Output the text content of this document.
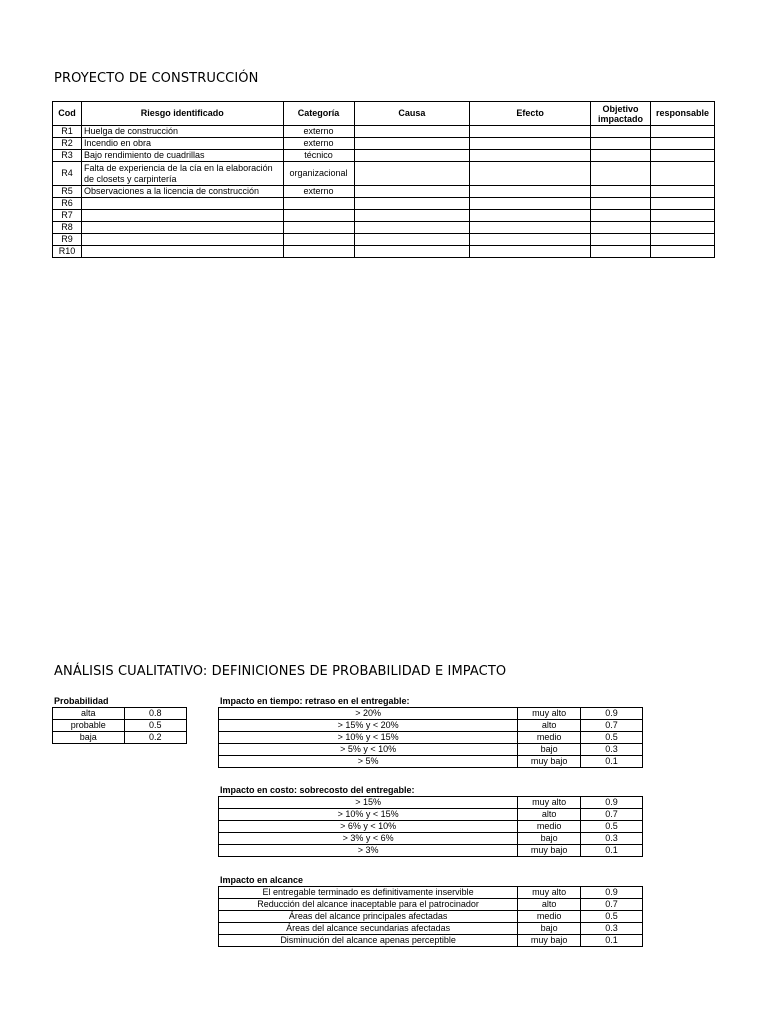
PROYECTO DE CONSTRUCCIÓN
Cod	Riesgo identificado	Categoría	Causa	Efecto	Objetivo impactado	responsable
R1	Huelga de construcción	externo				
R2	Incendio en obra	externo				
R3	Bajo rendimiento de cuadrillas	técnico				
R4	Falta de experiencia de la cía en la elaboración de closets y carpintería	organizacional				
R5	Observaciones a la licencia de construcción	externo				
R6						
R7						
R8						
R9						
R10						
ANÁLISIS CUALITATIVO: DEFINICIONES DE PROBABILIDAD E IMPACTO
Probabilidad
alta	0.8
probable	0.5
baja	0.2
Impacto en tiempo: retraso en el entregable:
> 20%	muy alto	0.9
> 15% y < 20%	alto	0.7
> 10% y < 15%	medio	0.5
> 5% y < 10%	bajo	0.3
> 5%	muy bajo	0.1
Impacto en costo: sobrecosto del entregable:
> 15%	muy alto	0.9
> 10% y < 15%	alto	0.7
> 6% y < 10%	medio	0.5
> 3% y < 6%	bajo	0.3
> 3%	muy bajo	0.1
Impacto en alcance
El entregable terminado es definitivamente inservible	muy alto	0.9
Reducción del alcance inaceptable para el patrocinador	alto	0.7
Áreas del alcance principales afectadas	medio	0.5
Áreas del alcance secundarias afectadas	bajo	0.3
Disminución del alcance apenas perceptible	muy bajo	0.1
